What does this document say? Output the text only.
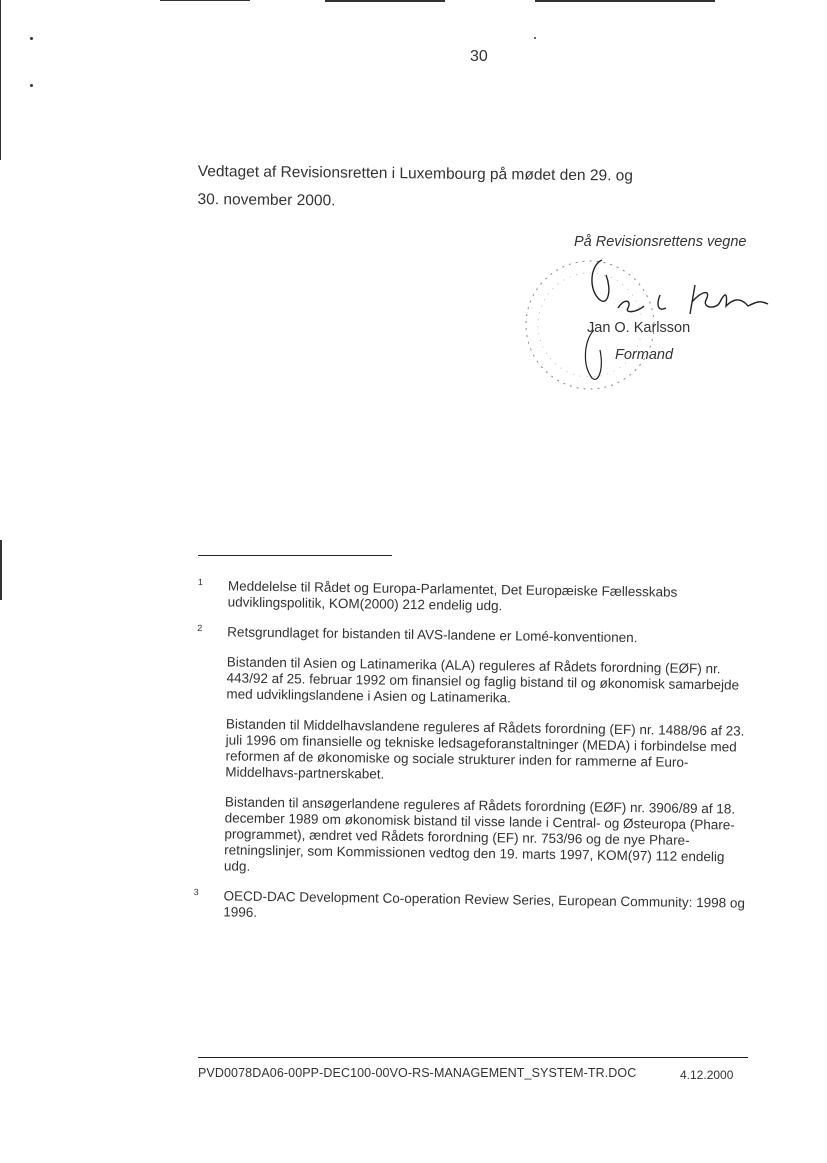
30
Vedtaget af Revisionsretten i Luxembourg på mødet den 29. og
30. november 2000.
På Revisionsrettens vegne
Jan O. Karlsson
Formand
1 Meddelelse til Rådet og Europa-Parlamentet, Det Europæiske Fællesskabs udviklingspolitik, KOM(2000) 212 endelig udg.

2 Retsgrundlaget for bistanden til AVS-landene er Lomé-konventionen.

Bistanden til Asien og Latinamerika (ALA) reguleres af Rådets forordning (EØF) nr. 443/92 af 25. februar 1992 om finansiel og faglig bistand til og økonomisk samarbejde med udviklingslandene i Asien og Latinamerika.

Bistanden til Middelhavslandene reguleres af Rådets forordning (EF) nr. 1488/96 af 23. juli 1996 om finansielle og tekniske ledsageforanstaltninger (MEDA) i forbindelse med reformen af de økonomiske og sociale strukturer inden for rammerne af Euro-Middelhavs-partnerskabet.

Bistanden til ansøgerlandene reguleres af Rådets forordning (EØF) nr. 3906/89 af 18. december 1989 om økonomisk bistand til visse lande i Central- og Østeuropa (Phare-programmet), ændret ved Rådets forordning (EF) nr. 753/96 og de nye Phare-retningslinjer, som Kommissionen vedtog den 19. marts 1997, KOM(97) 112 endelig udg.

3 OECD-DAC Development Co-operation Review Series, European Community: 1998 og 1996.

PVD0078DA06-00PP-DEC100-00VO-RS-MANAGEMENT_SYSTEM-TR.DOC	4.12.2000
